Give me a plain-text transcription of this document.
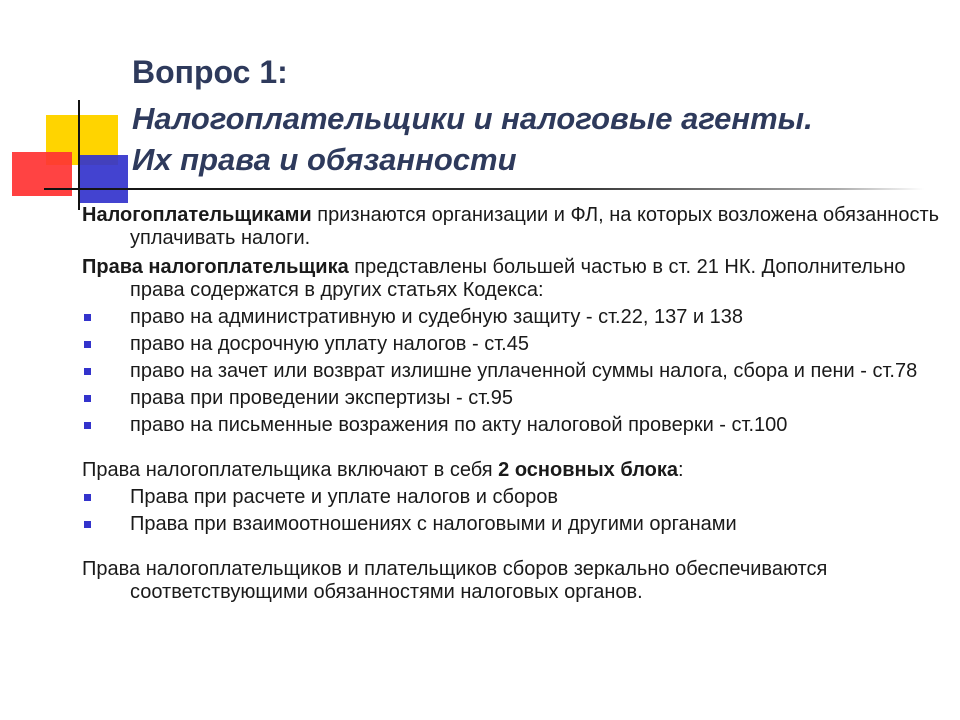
Вопрос 1:

Налогоплательщики и налоговые агенты.

Их права и обязанности

Налогоплательщиками признаются организации и ФЛ, на которых возложена обязанность уплачивать налоги.

Права налогоплательщика представлены большей частью в ст. 21 НК. Дополнительно права содержатся в других статьях Кодекса:

право на административную и судебную защиту - ст.22, 137 и 138
право на досрочную уплату налогов - ст.45
право на зачет или возврат излишне уплаченной суммы налога, сбора и пени - ст.78
права при проведении экспертизы - ст.95
право на письменные возражения по акту налоговой проверки - ст.100

Права налогоплательщика включают в себя 2 основных блока:

Права при расчете и уплате налогов и сборов
Права при взаимоотношениях с налоговыми и другими органами

Права налогоплательщиков и плательщиков сборов зеркально обеспечиваются соответствующими обязанностями налоговых органов.
